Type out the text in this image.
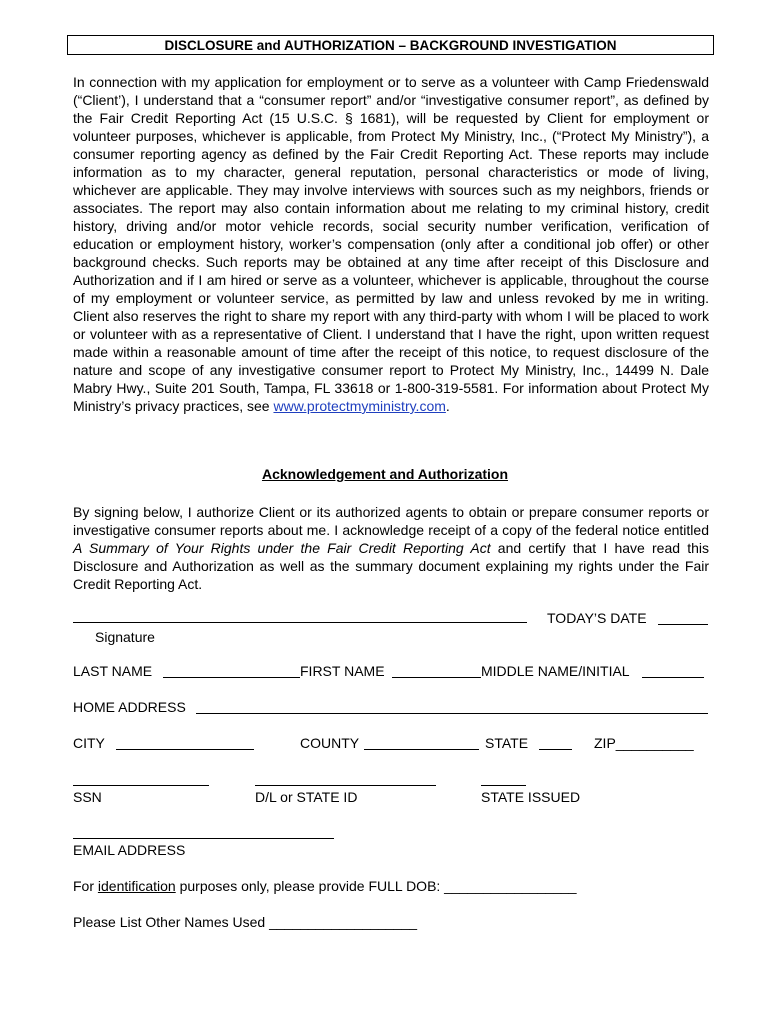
DISCLOSURE and AUTHORIZATION – BACKGROUND INVESTIGATION

In connection with my application for employment or to serve as a volunteer with Camp Friedenswald (“Client’), I understand that a “consumer report” and/or “investigative consumer report”, as defined by the Fair Credit Reporting Act (15 U.S.C. § 1681), will be requested by Client for employment or volunteer purposes, whichever is applicable, from Protect My Ministry, Inc., (“Protect My Ministry”), a consumer reporting agency as defined by the Fair Credit Reporting Act. These reports may include information as to my character, general reputation, personal characteristics or mode of living, whichever are applicable. They may involve interviews with sources such as my neighbors, friends or associates. The report may also contain information about me relating to my criminal history, credit history, driving and/or motor vehicle records, social security number verification, verification of education or employment history, worker’s compensation (only after a conditional job offer) or other background checks. Such reports may be obtained at any time after receipt of this Disclosure and Authorization and if I am hired or serve as a volunteer, whichever is applicable, throughout the course of my employment or volunteer service, as permitted by law and unless revoked by me in writing. Client also reserves the right to share my report with any third-party with whom I will be placed to work or volunteer with as a representative of Client. I understand that I have the right, upon written request made within a reasonable amount of time after the receipt of this notice, to request disclosure of the nature and scope of any investigative consumer report to Protect My Ministry, Inc., 14499 N. Dale Mabry Hwy., Suite 201 South, Tampa, FL 33618 or 1-800-319-5581. For information about Protect My Ministry’s privacy practices, see www.protectmyministry.com.

Acknowledgement and Authorization

By signing below, I authorize Client or its authorized agents to obtain or prepare consumer reports or investigative consumer reports about me. I acknowledge receipt of a copy of the federal notice entitled A Summary of Your Rights under the Fair Credit Reporting Act and certify that I have read this Disclosure and Authorization as well as the summary document explaining my rights under the Fair Credit Reporting Act.

Signature
TODAY’S DATE
LAST NAME	FIRST NAME	MIDDLE NAME/INITIAL
HOME ADDRESS
CITY	COUNTY	STATE	ZIP__________
SSN	D/L or STATE ID	STATE ISSUED
EMAIL ADDRESS
For identification purposes only, please provide FULL DOB: _________________
Please List Other Names Used ___________________
